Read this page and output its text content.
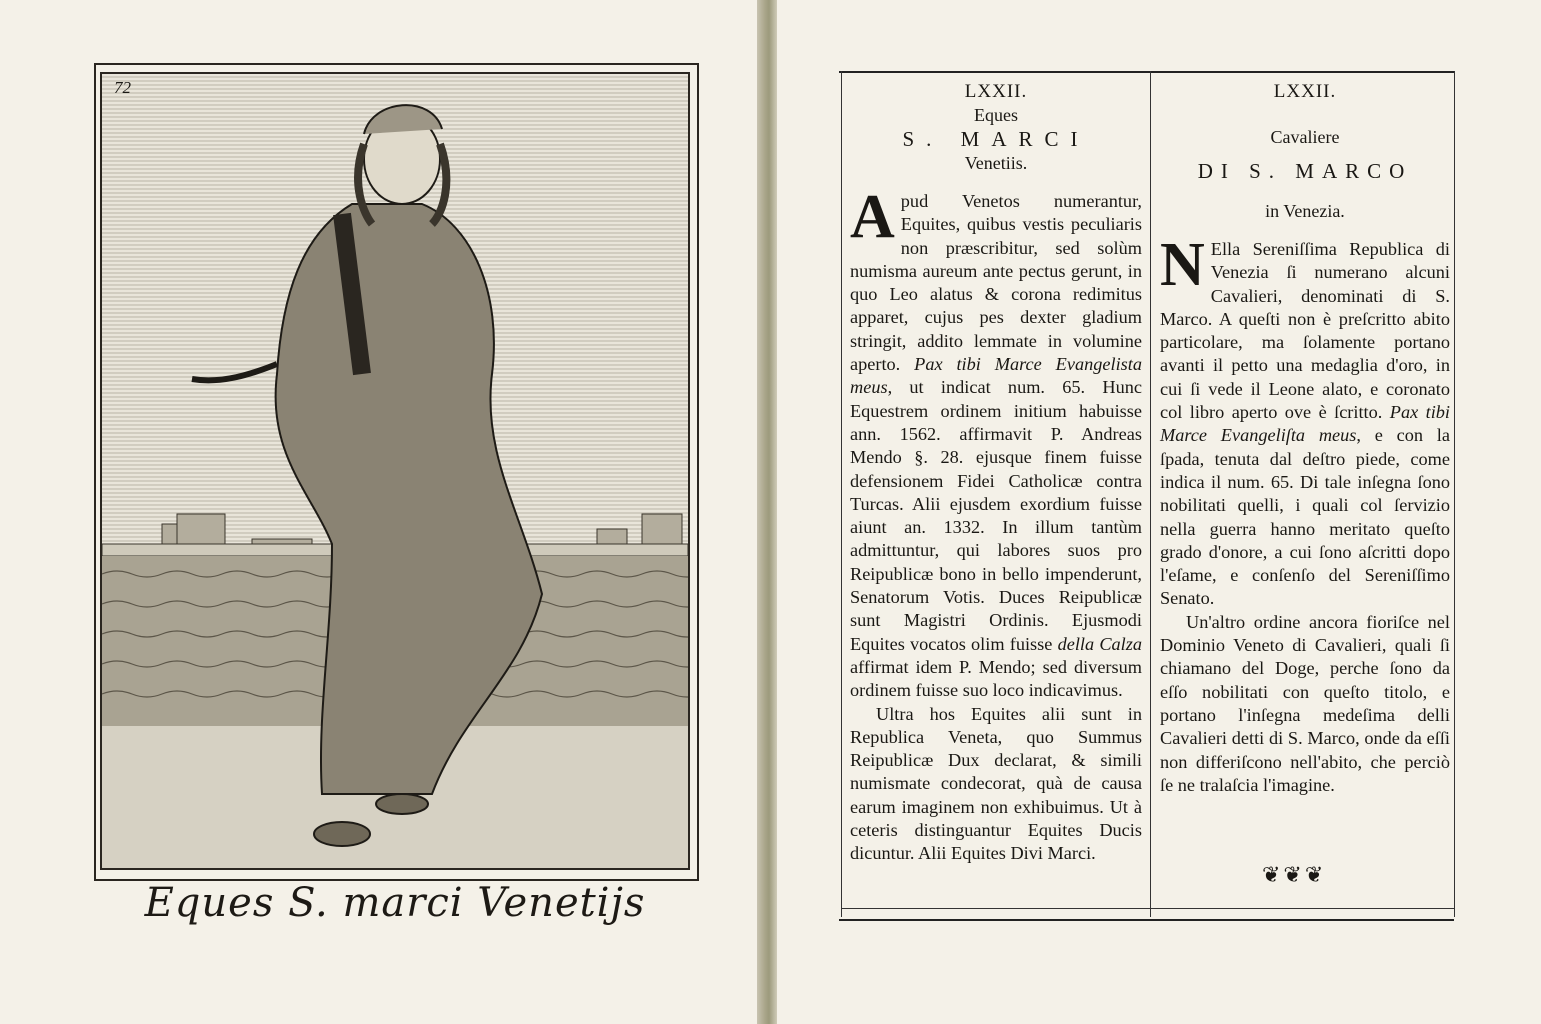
72
Eques S. marci Venetijs
LXXII.
Eques
S. MARCI
Venetiis.

Apud Venetos numerantur, Equites, quibus vestis peculiaris non præscribitur, sed solùm numisma aureum ante pectus gerunt, in quo Leo alatus & corona redimitus apparet, cujus pes dexter gladium stringit, addito lemmate in volumine aperto. Pax tibi Marce Evangelista meus, ut indicat num. 65. Hunc Equestrem ordinem initium habuisse ann. 1562. affirmavit P. Andreas Mendo §. 28. ejusque finem fuisse defensionem Fidei Catholicæ contra Turcas. Alii ejusdem exordium fuisse aiunt an. 1332. In illum tantùm admittuntur, qui labores suos pro Reipublicæ bono in bello impenderunt, Senatorum Votis. Duces Reipublicæ sunt Magistri Ordinis. Ejusmodi Equites vocatos olim fuisse della Calza affirmat idem P. Mendo; sed diversum ordinem fuisse suo loco indicavimus.

Ultra hos Equites alii sunt in Republica Veneta, quo Summus Reipublicæ Dux declarat, & simili numismate condecorat, quà de causa earum imaginem non exhibuimus. Ut à ceteris distinguantur Equites Ducis dicuntur. Alii Equites Divi Marci.

LXXII.
Cavaliere
DI S. MARCO
in Venezia.

N Ella Sereniſſima Republica di Venezia ſi numerano alcuni Cavalieri, denominati di S. Marco. A queſti non è preſcritto abito particolare, ma ſolamente portano avanti il petto una medaglia d'oro, in cui ſi vede il Leone alato, e coronato col libro aperto ove è ſcritto. Pax tibi Marce Evangeliſta meus, e con la ſpada, tenuta dal deſtro piede, come indica il num. 65. Di tale inſegna ſono nobilitati quelli, i quali col ſervizio nella guerra hanno meritato queſto grado d'onore, a cui ſono aſcritti dopo l'eſame, e conſenſo del Sereniſſimo Senato.

Un'altro ordine ancora fioriſce nel Dominio Veneto di Cavalieri, quali ſi chiamano del Doge, perche ſono da eſſo nobilitati con queſto titolo, e portano l'inſegna medeſima delli Cavalieri detti di S. Marco, onde da eſſi non differiſcono nell'abito, che perciò ſe ne tralaſcia l'imagine.

❦❦❦
